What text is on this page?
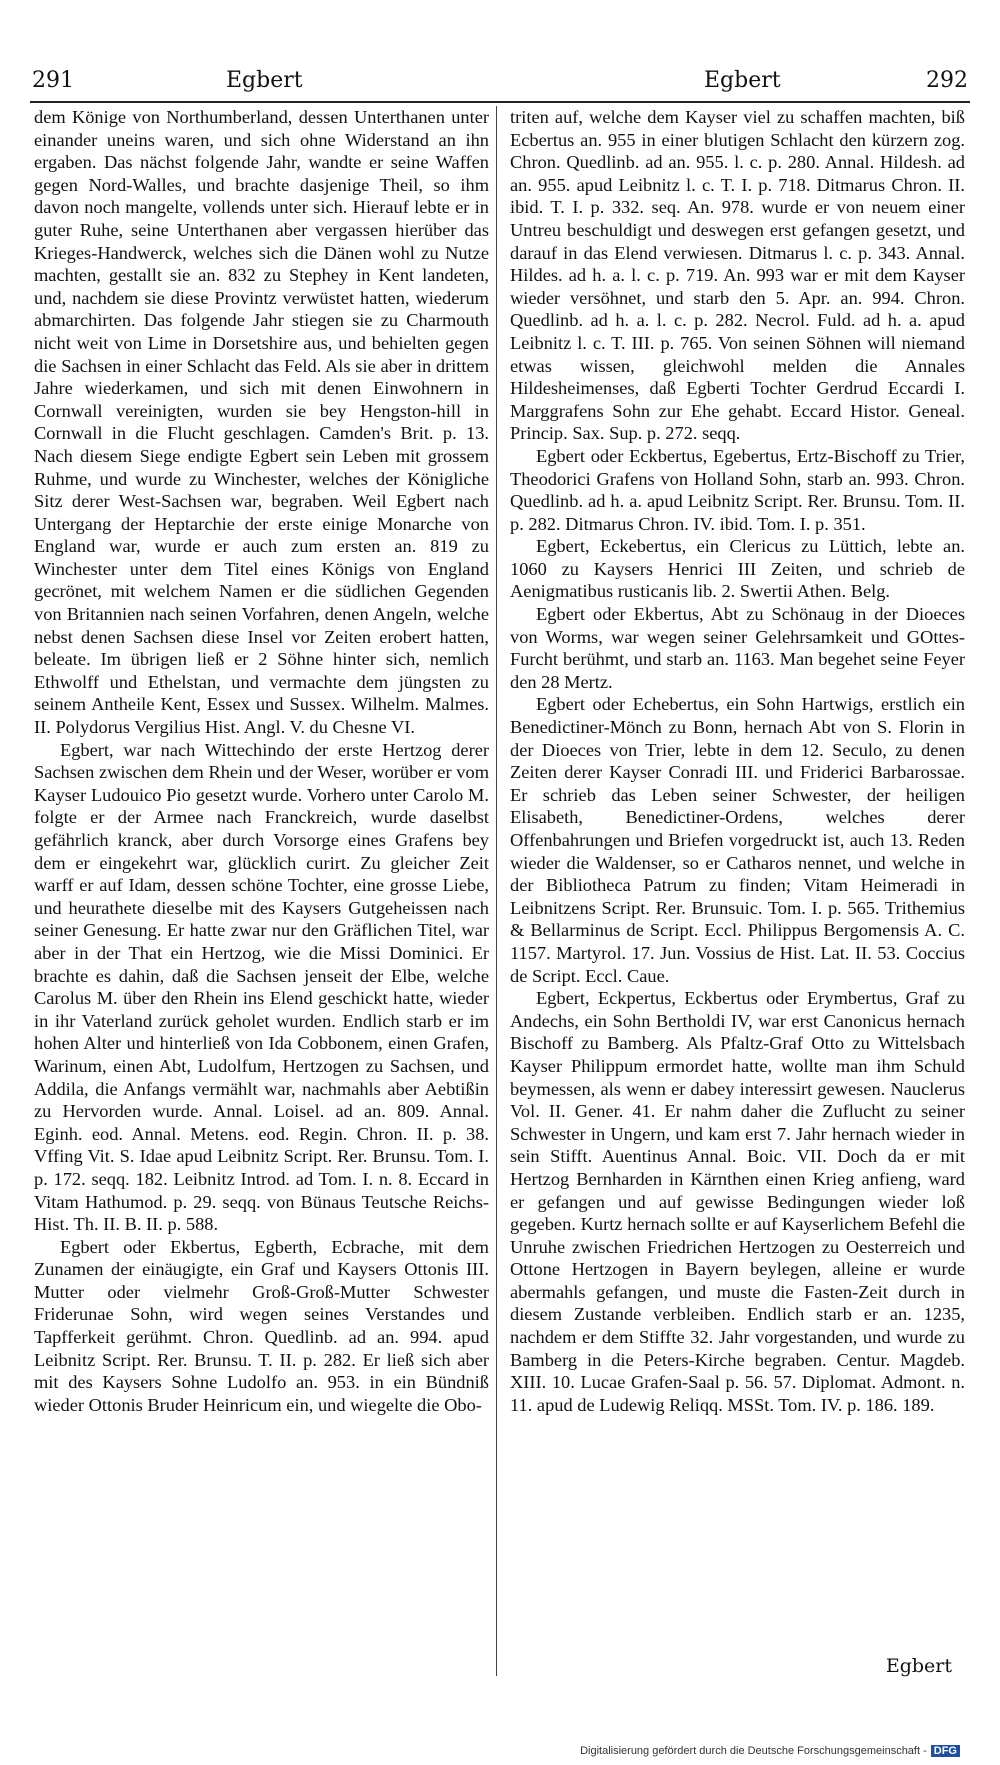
291	Egbert	Egbert	292

dem Könige von Northumberland, dessen Unterthanen unter einander uneins waren, und sich ohne Widerstand an ihn ergaben. Das nächst folgende Jahr, wandte er seine Waffen gegen Nord-Walles, und brachte dasjenige Theil, so ihm davon noch mangelte, vollends unter sich. Hierauf lebte er in guter Ruhe, seine Unterthanen aber vergassen hierüber das Krieges-Handwerck, welches sich die Dänen wohl zu Nutze machten, gestallt sie an. 832 zu Stephey in Kent landeten, und, nachdem sie diese Provintz verwüstet hatten, wiederum abmarchirten. Das folgende Jahr stiegen sie zu Charmouth nicht weit von Lime in Dorsetshire aus, und behielten gegen die Sachsen in einer Schlacht das Feld. Als sie aber in drittem Jahre wiederkamen, und sich mit denen Einwohnern in Cornwall vereinigten, wurden sie bey Hengston-hill in Cornwall in die Flucht geschlagen. Camden's Brit. p. 13. Nach diesem Siege endigte Egbert sein Leben mit grossem Ruhme, und wurde zu Winchester, welches der Königliche Sitz derer West-Sachsen war, begraben. Weil Egbert nach Untergang der Heptarchie der erste einige Monarche von England war, wurde er auch zum ersten an. 819 zu Winchester unter dem Titel eines Königs von England gecrönet, mit welchem Namen er die südlichen Gegenden von Britannien nach seinen Vorfahren, denen Angeln, welche nebst denen Sachsen diese Insel vor Zeiten erobert hatten, beleate. Im übrigen ließ er 2 Söhne hinter sich, nemlich Ethwolff und Ethelstan, und vermachte dem jüngsten zu seinem Antheile Kent, Essex und Sussex. Wilhelm. Malmes. II. Polydorus Vergilius Hist. Angl. V. du Chesne VI.

Egbert, war nach Wittechindo der erste Hertzog derer Sachsen zwischen dem Rhein und der Weser, worüber er vom Kayser Ludouico Pio gesetzt wurde. Vorhero unter Carolo M. folgte er der Armee nach Franckreich, wurde daselbst gefährlich kranck, aber durch Vorsorge eines Grafens bey dem er eingekehrt war, glücklich curirt. Zu gleicher Zeit warff er auf Idam, dessen schöne Tochter, eine grosse Liebe, und heurathete dieselbe mit des Kaysers Gutgeheissen nach seiner Genesung. Er hatte zwar nur den Gräflichen Titel, war aber in der That ein Hertzog, wie die Missi Dominici. Er brachte es dahin, daß die Sachsen jenseit der Elbe, welche Carolus M. über den Rhein ins Elend geschickt hatte, wieder in ihr Vaterland zurück geholet wurden. Endlich starb er im hohen Alter und hinterließ von Ida Cobbonem, einen Grafen, Warinum, einen Abt, Ludolfum, Hertzogen zu Sachsen, und Addila, die Anfangs vermählt war, nachmahls aber Aebtißin zu Hervorden wurde. Annal. Loisel. ad an. 809. Annal. Eginh. eod. Annal. Metens. eod. Regin. Chron. II. p. 38. Vffing Vit. S. Idae apud Leibnitz Script. Rer. Brunsu. Tom. I. p. 172. seqq. 182. Leibnitz Introd. ad Tom. I. n. 8. Eccard in Vitam Hathumod. p. 29. seqq. von Bünaus Teutsche Reichs-Hist. Th. II. B. II. p. 588.

Egbert oder Ekbertus, Egberth, Ecbrache, mit dem Zunamen der einäugigte, ein Graf und Kaysers Ottonis III. Mutter oder vielmehr Groß-Groß-Mutter Schwester Friderunae Sohn, wird wegen seines Verstandes und Tapfferkeit gerühmt. Chron. Quedlinb. ad an. 994. apud Leibnitz Script. Rer. Brunsu. T. II. p. 282. Er ließ sich aber mit des Kaysers Sohne Ludolfo an. 953. in ein Bündniß wieder Ottonis Bruder Heinricum ein, und wiegelte die Obo-

triten auf, welche dem Kayser viel zu schaffen machten, biß Ecbertus an. 955 in einer blutigen Schlacht den kürzern zog. Chron. Quedlinb. ad an. 955. l. c. p. 280. Annal. Hildesh. ad an. 955. apud Leibnitz l. c. T. I. p. 718. Ditmarus Chron. II. ibid. T. I. p. 332. seq. An. 978. wurde er von neuem einer Untreu beschuldigt und deswegen erst gefangen gesetzt, und darauf in das Elend verwiesen. Ditmarus l. c. p. 343. Annal. Hildes. ad h. a. l. c. p. 719. An. 993 war er mit dem Kayser wieder versöhnet, und starb den 5. Apr. an. 994. Chron. Quedlinb. ad h. a. l. c. p. 282. Necrol. Fuld. ad h. a. apud Leibnitz l. c. T. III. p. 765. Von seinen Söhnen will niemand etwas wissen, gleichwohl melden die Annales Hildesheimenses, daß Egberti Tochter Gerdrud Eccardi I. Marggrafens Sohn zur Ehe gehabt. Eccard Histor. Geneal. Princip. Sax. Sup. p. 272. seqq.

Egbert oder Eckbertus, Egebertus, Ertz-Bischoff zu Trier, Theodorici Grafens von Holland Sohn, starb an. 993. Chron. Quedlinb. ad h. a. apud Leibnitz Script. Rer. Brunsu. Tom. II. p. 282. Ditmarus Chron. IV. ibid. Tom. I. p. 351.

Egbert, Eckebertus, ein Clericus zu Lüttich, lebte an. 1060 zu Kaysers Henrici III Zeiten, und schrieb de Aenigmatibus rusticanis lib. 2. Swertii Athen. Belg.

Egbert oder Ekbertus, Abt zu Schönaug in der Dioeces von Worms, war wegen seiner Gelehrsamkeit und GOttes-Furcht berühmt, und starb an. 1163. Man begehet seine Feyer den 28 Mertz.

Egbert oder Echebertus, ein Sohn Hartwigs, erstlich ein Benedictiner-Mönch zu Bonn, hernach Abt von S. Florin in der Dioeces von Trier, lebte in dem 12. Seculo, zu denen Zeiten derer Kayser Conradi III. und Friderici Barbarossae. Er schrieb das Leben seiner Schwester, der heiligen Elisabeth, Benedictiner-Ordens, welches derer Offenbahrungen und Briefen vorgedruckt ist, auch 13. Reden wieder die Waldenser, so er Catharos nennet, und welche in der Bibliotheca Patrum zu finden; Vitam Heimeradi in Leibnitzens Script. Rer. Brunsuic. Tom. I. p. 565. Trithemius & Bellarminus de Script. Eccl. Philippus Bergomensis A. C. 1157. Martyrol. 17. Jun. Vossius de Hist. Lat. II. 53. Coccius de Script. Eccl. Caue.

Egbert, Eckpertus, Eckbertus oder Erymbertus, Graf zu Andechs, ein Sohn Bertholdi IV, war erst Canonicus hernach Bischoff zu Bamberg. Als Pfaltz-Graf Otto zu Wittelsbach Kayser Philippum ermordet hatte, wollte man ihm Schuld beymessen, als wenn er dabey interessirt gewesen. Nauclerus Vol. II. Gener. 41. Er nahm daher die Zuflucht zu seiner Schwester in Ungern, und kam erst 7. Jahr hernach wieder in sein Stifft. Auentinus Annal. Boic. VII. Doch da er mit Hertzog Bernharden in Kärnthen einen Krieg anfieng, ward er gefangen und auf gewisse Bedingungen wieder loß gegeben. Kurtz hernach sollte er auf Kayserlichem Befehl die Unruhe zwischen Friedrichen Hertzogen zu Oesterreich und Ottone Hertzogen in Bayern beylegen, alleine er wurde abermahls gefangen, und muste die Fasten-Zeit durch in diesem Zustande verbleiben. Endlich starb er an. 1235, nachdem er dem Stiffte 32. Jahr vorgestanden, und wurde zu Bamberg in die Peters-Kirche begraben. Centur. Magdeb. XIII. 10. Lucae Grafen-Saal p. 56. 57. Diplomat. Admont. n. 11. apud de Ludewig Reliqq. MSSt. Tom. IV. p. 186. 189.

Egbert
Digitalisierung gefördert durch die Deutsche Forschungsgemeinschaft - DFG
